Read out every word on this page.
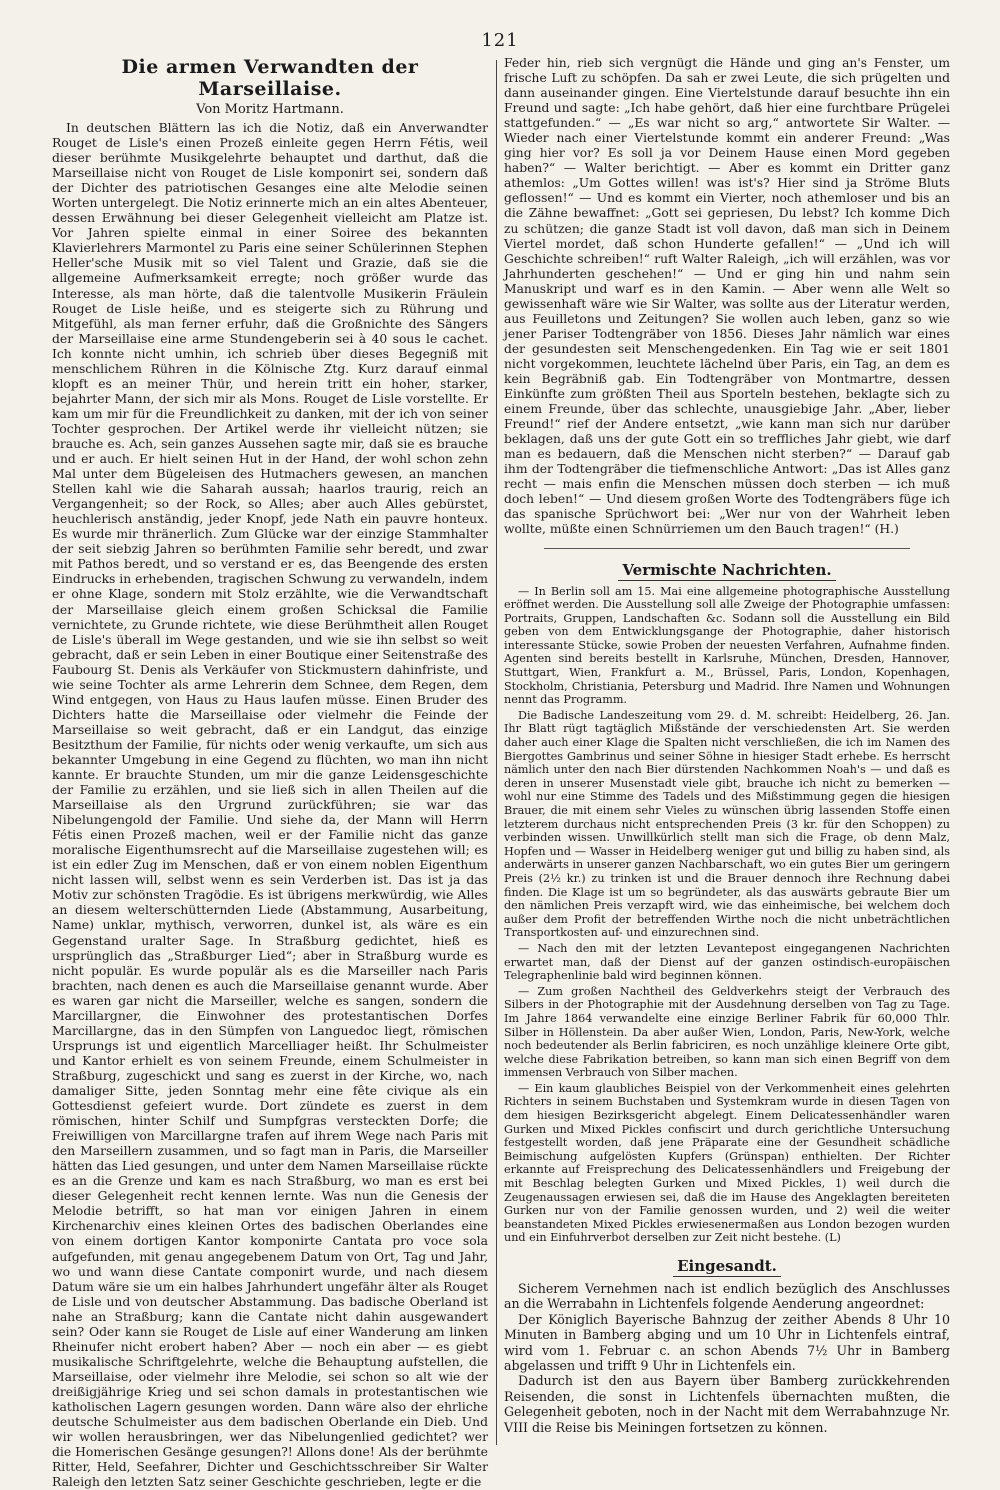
121
Die armen Verwandten der Marseillaise.

Von Moritz Hartmann.

In deutschen Blättern las ich die Notiz, daß ein Anverwandter Rouget de Lisle's einen Prozeß einleite gegen Herrn Fétis, weil dieser berühmte Musikgelehrte behauptet und darthut, daß die Marseillaise nicht von Rouget de Lisle komponirt sei, sondern daß der Dichter des patriotischen Gesanges eine alte Melodie seinen Worten untergelegt. Die Notiz erinnerte mich an ein altes Abenteuer, dessen Erwähnung bei dieser Gelegenheit vielleicht am Platze ist. Vor Jahren spielte einmal in einer Soiree des bekannten Klavierlehrers Marmontel zu Paris eine seiner Schülerinnen Stephen Heller'sche Musik mit so viel Talent und Grazie, daß sie die allgemeine Aufmerksamkeit erregte; noch größer wurde das Interesse, als man hörte, daß die talentvolle Musikerin Fräulein Rouget de Lisle heiße, und es steigerte sich zu Rührung und Mitgefühl, als man ferner erfuhr, daß die Großnichte des Sängers der Marseillaise eine arme Stundengeberin sei à 40 sous le cachet. Ich konnte nicht umhin, ich schrieb über dieses Begegniß mit menschlichem Rühren in die Kölnische Ztg. Kurz darauf einmal klopft es an meiner Thür, und herein tritt ein hoher, starker, bejahrter Mann, der sich mir als Mons. Rouget de Lisle vorstellte. Er kam um mir für die Freundlichkeit zu danken, mit der ich von seiner Tochter gesprochen. Der Artikel werde ihr vielleicht nützen; sie brauche es. Ach, sein ganzes Aussehen sagte mir, daß sie es brauche und er auch. Er hielt seinen Hut in der Hand, der wohl schon zehn Mal unter dem Bügeleisen des Hutmachers gewesen, an manchen Stellen kahl wie die Saharah aussah; haarlos traurig, reich an Vergangenheit; so der Rock, so Alles; aber auch Alles gebürstet, heuchlerisch anständig, jeder Knopf, jede Nath ein pauvre honteux. Es wurde mir thränerlich. Zum Glücke war der einzige Stammhalter der seit siebzig Jahren so berühmten Familie sehr beredt, und zwar mit Pathos beredt, und so verstand er es, das Beengende des ersten Eindrucks in erhebenden, tragischen Schwung zu verwandeln, indem er ohne Klage, sondern mit Stolz erzählte, wie die Verwandtschaft der Marseillaise gleich einem großen Schicksal die Familie vernichtete, zu Grunde richtete, wie diese Berühmtheit allen Rouget de Lisle's überall im Wege gestanden, und wie sie ihn selbst so weit gebracht, daß er sein Leben in einer Boutique einer Seitenstraße des Faubourg St. Denis als Verkäufer von Stickmustern dahinfriste, und wie seine Tochter als arme Lehrerin dem Schnee, dem Regen, dem Wind entgegen, von Haus zu Haus laufen müsse. Einen Bruder des Dichters hatte die Marseillaise oder vielmehr die Feinde der Marseillaise so weit gebracht, daß er ein Landgut, das einzige Besitzthum der Familie, für nichts oder wenig verkaufte, um sich aus bekannter Umgebung in eine Gegend zu flüchten, wo man ihn nicht kannte. Er brauchte Stunden, um mir die ganze Leidensgeschichte der Familie zu erzählen, und sie ließ sich in allen Theilen auf die Marseillaise als den Urgrund zurückführen; sie war das Nibelungengold der Familie. Und siehe da, der Mann will Herrn Fétis einen Prozeß machen, weil er der Familie nicht das ganze moralische Eigenthumsrecht auf die Marseillaise zugestehen will; es ist ein edler Zug im Menschen, daß er von einem noblen Eigenthum nicht lassen will, selbst wenn es sein Verderben ist. Das ist ja das Motiv zur schönsten Tragödie. Es ist übrigens merkwürdig, wie Alles an diesem welterschütternden Liede (Abstammung, Ausarbeitung, Name) unklar, mythisch, verworren, dunkel ist, als wäre es ein Gegenstand uralter Sage. In Straßburg gedichtet, hieß es ursprünglich das „Straßburger Lied“; aber in Straßburg wurde es nicht populär. Es wurde populär als es die Marseiller nach Paris brachten, nach denen es auch die Marseillaise genannt wurde. Aber es waren gar nicht die Marseiller, welche es sangen, sondern die Marcillargner, die Einwohner des protestantischen Dorfes Marcillargne, das in den Sümpfen von Languedoc liegt, römischen Ursprungs ist und eigentlich Marcelliager heißt. Ihr Schulmeister und Kantor erhielt es von seinem Freunde, einem Schulmeister in Straßburg, zugeschickt und sang es zuerst in der Kirche, wo, nach damaliger Sitte, jeden Sonntag mehr eine fête civique als ein Gottesdienst gefeiert wurde. Dort zündete es zuerst in dem römischen, hinter Schilf und Sumpfgras versteckten Dorfe; die Freiwilligen von Marcillargne trafen auf ihrem Wege nach Paris mit den Marseillern zusammen, und so fagt man in Paris, die Marseiller hätten das Lied gesungen, und unter dem Namen Marseillaise rückte es an die Grenze und kam es nach Straßburg, wo man es erst bei dieser Gelegenheit recht kennen lernte. Was nun die Genesis der Melodie betrifft, so hat man vor einigen Jahren in einem Kirchenarchiv eines kleinen Ortes des badischen Oberlandes eine von einem dortigen Kantor komponirte Cantata pro voce sola aufgefunden, mit genau angegebenem Datum von Ort, Tag und Jahr, wo und wann diese Cantate componirt wurde, und nach diesem Datum wäre sie um ein halbes Jahrhundert ungefähr älter als Rouget de Lisle und von deutscher Abstammung. Das badische Oberland ist nahe an Straßburg; kann die Cantate nicht dahin ausgewandert sein? Oder kann sie Rouget de Lisle auf einer Wanderung am linken Rheinufer nicht erobert haben? Aber — noch ein aber — es giebt musikalische Schriftgelehrte, welche die Behauptung aufstellen, die Marseillaise, oder vielmehr ihre Melodie, sei schon so alt wie der dreißigjährige Krieg und sei schon damals in protestantischen wie katholischen Lagern gesungen worden. Dann wäre also der ehrliche deutsche Schulmeister aus dem badischen Oberlande ein Dieb. Und wir wollen herausbringen, wer das Nibelungenlied gedichtet? wer die Homerischen Gesänge gesungen?! Allons done! Als der berühmte Ritter, Held, Seefahrer, Dichter und Geschichtsschreiber Sir Walter Raleigh den letzten Satz seiner Geschichte geschrieben, legte er die

Feder hin, rieb sich vergnügt die Hände und ging an's Fenster, um frische Luft zu schöpfen. Da sah er zwei Leute, die sich prügelten und dann auseinander gingen. Eine Viertelstunde darauf besuchte ihn ein Freund und sagte: „Ich habe gehört, daß hier eine furchtbare Prügelei stattgefunden.“ — „Es war nicht so arg,“ antwortete Sir Walter. — Wieder nach einer Viertelstunde kommt ein anderer Freund: „Was ging hier vor? Es soll ja vor Deinem Hause einen Mord gegeben haben?“ — Walter berichtigt. — Aber es kommt ein Dritter ganz athemlos: „Um Gottes willen! was ist's? Hier sind ja Ströme Bluts geflossen!“ — Und es kommt ein Vierter, noch athemloser und bis an die Zähne bewaffnet: „Gott sei gepriesen, Du lebst? Ich komme Dich zu schützen; die ganze Stadt ist voll davon, daß man sich in Deinem Viertel mordet, daß schon Hunderte gefallen!“ — „Und ich will Geschichte schreiben!“ ruft Walter Raleigh, „ich will erzählen, was vor Jahrhunderten geschehen!“ — Und er ging hin und nahm sein Manuskript und warf es in den Kamin. — Aber wenn alle Welt so gewissenhaft wäre wie Sir Walter, was sollte aus der Literatur werden, aus Feuilletons und Zeitungen? Sie wollen auch leben, ganz so wie jener Pariser Todtengräber von 1856. Dieses Jahr nämlich war eines der gesundesten seit Menschengedenken. Ein Tag wie er seit 1801 nicht vorgekommen, leuchtete lächelnd über Paris, ein Tag, an dem es kein Begräbniß gab. Ein Todtengräber von Montmartre, dessen Einkünfte zum größten Theil aus Sporteln bestehen, beklagte sich zu einem Freunde, über das schlechte, unausgiebige Jahr. „Aber, lieber Freund!“ rief der Andere entsetzt, „wie kann man sich nur darüber beklagen, daß uns der gute Gott ein so treffliches Jahr giebt, wie darf man es bedauern, daß die Menschen nicht sterben?“ — Darauf gab ihm der Todtengräber die tiefmenschliche Antwort: „Das ist Alles ganz recht — mais enfin die Menschen müssen doch sterben — ich muß doch leben!“ — Und diesem großen Worte des Todtengräbers füge ich das spanische Sprüchwort bei: „Wer nur von der Wahrheit leben wollte, müßte einen Schnürriemen um den Bauch tragen!“ (H.)

Vermischte Nachrichten.

— In Berlin soll am 15. Mai eine allgemeine photographische Ausstellung eröffnet werden. Die Ausstellung soll alle Zweige der Photographie umfassen: Portraits, Gruppen, Landschaften &c. Sodann soll die Ausstellung ein Bild geben von dem Entwicklungsgange der Photographie, daher historisch interessante Stücke, sowie Proben der neuesten Verfahren, Aufnahme finden. Agenten sind bereits bestellt in Karlsruhe, München, Dresden, Hannover, Stuttgart, Wien, Frankfurt a. M., Brüssel, Paris, London, Kopenhagen, Stockholm, Christiania, Petersburg und Madrid. Ihre Namen und Wohnungen nennt das Programm.

Die Badische Landeszeitung vom 29. d. M. schreibt: Heidelberg, 26. Jan. Ihr Blatt rügt tagtäglich Mißstände der verschiedensten Art. Sie werden daher auch einer Klage die Spalten nicht verschließen, die ich im Namen des Biergottes Gambrinus und seiner Söhne in hiesiger Stadt erhebe. Es herrscht nämlich unter den nach Bier dürstenden Nachkommen Noah's — und daß es deren in unserer Musenstadt viele gibt, brauche ich nicht zu bemerken — wohl nur eine Stimme des Tadels und des Mißstimmung gegen die hiesigen Brauer, die mit einem sehr Vieles zu wünschen übrig lassenden Stoffe einen letzterem durchaus nicht entsprechenden Preis (3 kr. für den Schoppen) zu verbinden wissen. Unwillkürlich stellt man sich die Frage, ob denn Malz, Hopfen und — Wasser in Heidelberg weniger gut und billig zu haben sind, als anderwärts in unserer ganzen Nachbarschaft, wo ein gutes Bier um geringern Preis (2½ kr.) zu trinken ist und die Brauer dennoch ihre Rechnung dabei finden. Die Klage ist um so begründeter, als das auswärts gebraute Bier um den nämlichen Preis verzapft wird, wie das einheimische, bei welchem doch außer dem Profit der betreffenden Wirthe noch die nicht unbeträchtlichen Transportkosten auf- und einzurechnen sind.

— Nach den mit der letzten Levantepost eingegangenen Nachrichten erwartet man, daß der Dienst auf der ganzen ostindisch-europäischen Telegraphenlinie bald wird beginnen können.

— Zum großen Nachtheil des Geldverkehrs steigt der Verbrauch des Silbers in der Photographie mit der Ausdehnung derselben von Tag zu Tage. Im Jahre 1864 verwandelte eine einzige Berliner Fabrik für 60,000 Thlr. Silber in Höllenstein. Da aber außer Wien, London, Paris, New-York, welche noch bedeutender als Berlin fabriciren, es noch unzählige kleinere Orte gibt, welche diese Fabrikation betreiben, so kann man sich einen Begriff von dem immensen Verbrauch von Silber machen.

— Ein kaum glaubliches Beispiel von der Verkommenheit eines gelehrten Richters in seinem Buchstaben und Systemkram wurde in diesen Tagen von dem hiesigen Bezirksgericht abgelegt. Einem Delicatessenhändler waren Gurken und Mixed Pickles confiscirt und durch gerichtliche Untersuchung festgestellt worden, daß jene Präparate eine der Gesundheit schädliche Beimischung aufgelösten Kupfers (Grünspan) enthielten. Der Richter erkannte auf Freisprechung des Delicatessenhändlers und Freigebung der mit Beschlag belegten Gurken und Mixed Pickles, 1) weil durch die Zeugenaussagen erwiesen sei, daß die im Hause des Angeklagten bereiteten Gurken nur von der Familie genossen wurden, und 2) weil die weiter beanstandeten Mixed Pickles erwiesenermaßen aus London bezogen wurden und ein Einfuhrverbot derselben zur Zeit nicht bestehe. (L)

Eingesandt.

Sicherem Vernehmen nach ist endlich bezüglich des Anschlusses an die Werrabahn in Lichtenfels folgende Aenderung angeordnet:

Der Königlich Bayerische Bahnzug der zeither Abends 8 Uhr 10 Minuten in Bamberg abging und um 10 Uhr in Lichtenfels eintraf, wird vom 1. Februar c. an schon Abends 7½ Uhr in Bamberg abgelassen und trifft 9 Uhr in Lichtenfels ein.

Dadurch ist den aus Bayern über Bamberg zurückkehrenden Reisenden, die sonst in Lichtenfels übernachten mußten, die Gelegenheit geboten, noch in der Nacht mit dem Werrabahnzuge Nr. VIII die Reise bis Meiningen fortsetzen zu können.
